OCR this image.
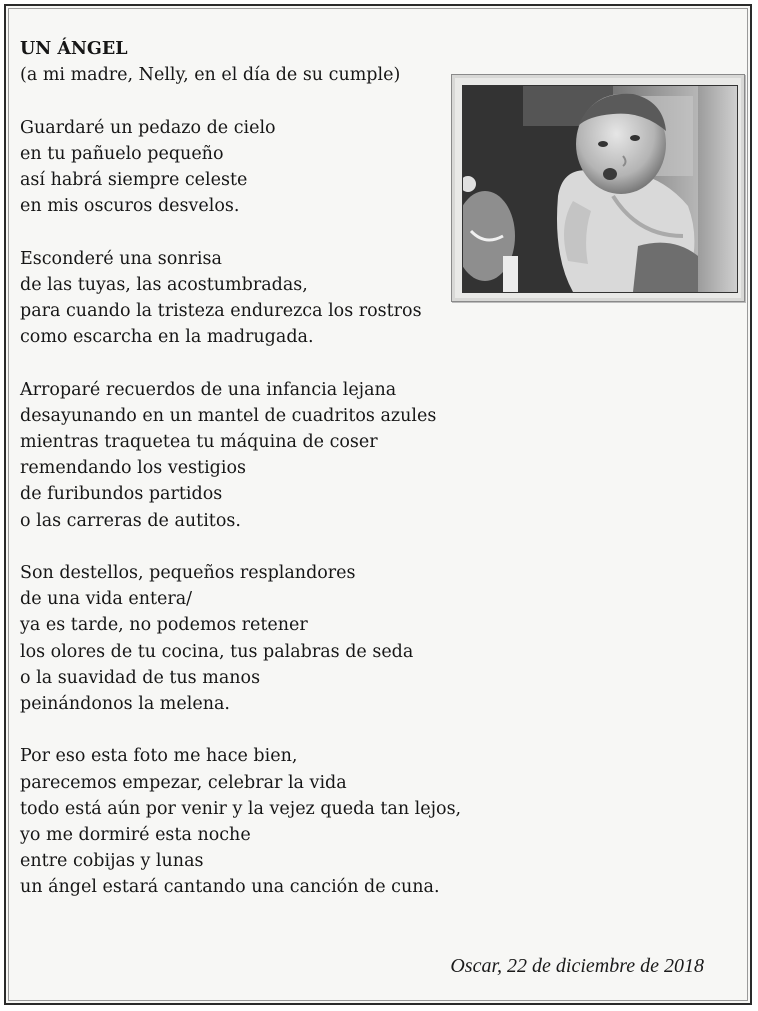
UN ÁNGEL
(a mi madre, Nelly, en el día de su cumple)
Guardaré un pedazo de cielo
en tu pañuelo pequeño
así habrá siempre celeste
en mis oscuros desvelos.
Esconderé una sonrisa
de las tuyas, las acostumbradas,
para cuando la tristeza endurezca los rostros
como escarcha en la madrugada.
Arroparé recuerdos de una infancia lejana
desayunando en un mantel de cuadritos azules
mientras traquetea tu máquina de coser
remendando los vestigios
de furibundos partidos
o las carreras de autitos.
Son destellos, pequeños resplandores
de una vida entera/
ya es tarde, no podemos retener
los olores de tu cocina, tus palabras de seda
o la suavidad de tus manos
peinándonos la melena.
Por eso esta foto me hace bien,
parecemos empezar, celebrar la vida
todo está aún por venir y la vejez queda tan lejos,
yo me dormiré esta noche
entre cobijas y lunas
un ángel estará cantando una canción de cuna.
Oscar, 22 de diciembre de 2018
